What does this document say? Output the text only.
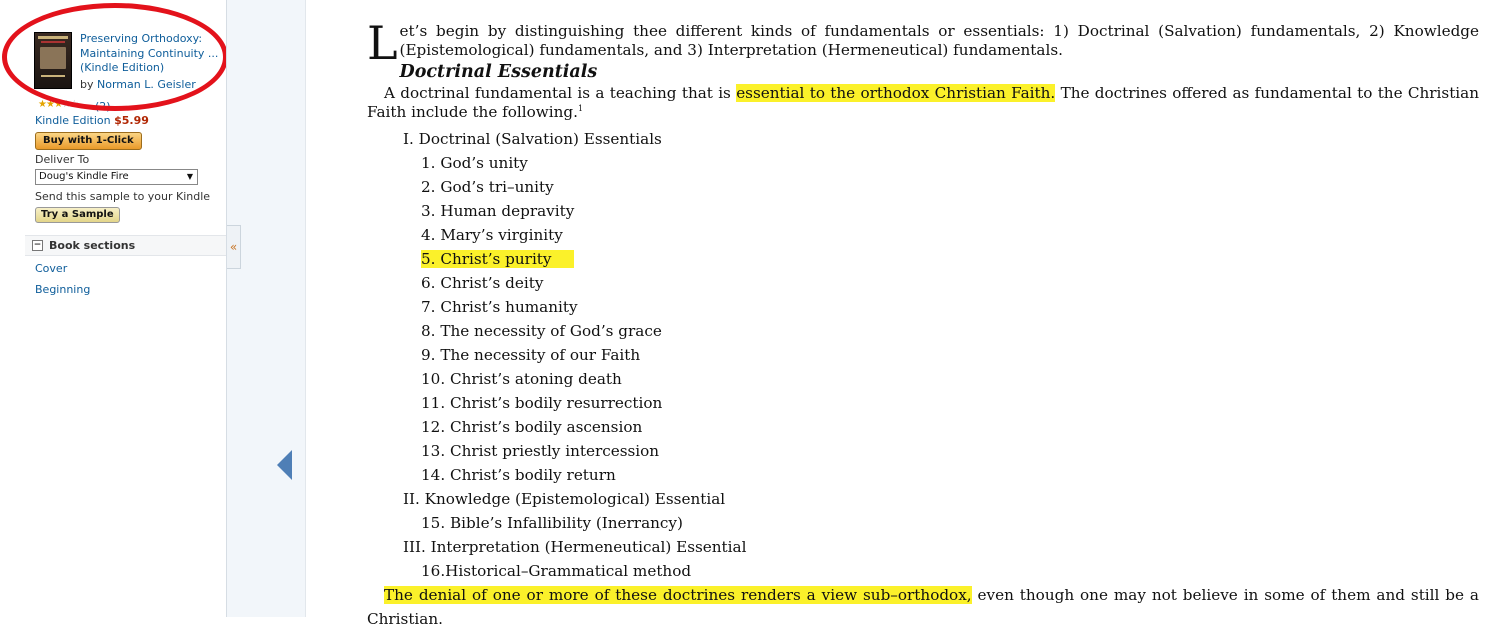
Preserving Orthodoxy: Maintaining Continuity ... (Kindle Edition)
by Norman L. Geisler
★★★☆☆ (2)
Kindle Edition $5.99
Buy with 1-Click
Deliver To
Doug's Kindle Fire	▼
Send this sample to your Kindle
Try a Sample
− Book sections
Cover
Beginning
«
L et’s begin by distinguishing thee different kinds of fundamentals or essentials: 1) Doctrinal (Salvation) fundamentals, 2) Knowledge (Epistemological) fundamentals, and 3) Interpretation (Hermeneutical) fundamentals.
Doctrinal Essentials
A doctrinal fundamental is a teaching that is essential to the orthodox Christian Faith. The doctrines offered as fundamental to the Christian Faith include the following.$^1$
I. Doctrinal (Salvation) Essentials
1. God’s unity
2. God’s tri–unity
3. Human depravity
4. Mary’s virginity
5. Christ’s purity
6. Christ’s deity
7. Christ’s humanity
8. The necessity of God’s grace
9. The necessity of our Faith
10. Christ’s atoning death
11. Christ’s bodily resurrection
12. Christ’s bodily ascension
13. Christ priestly intercession
14. Christ’s bodily return
II. Knowledge (Epistemological) Essential
15. Bible’s Infallibility (Inerrancy)
III. Interpretation (Hermeneutical) Essential
16.Historical–Grammatical method
The denial of one or more of these doctrines renders a view sub–orthodox, even though one may not believe in some of them and still be a Christian.
